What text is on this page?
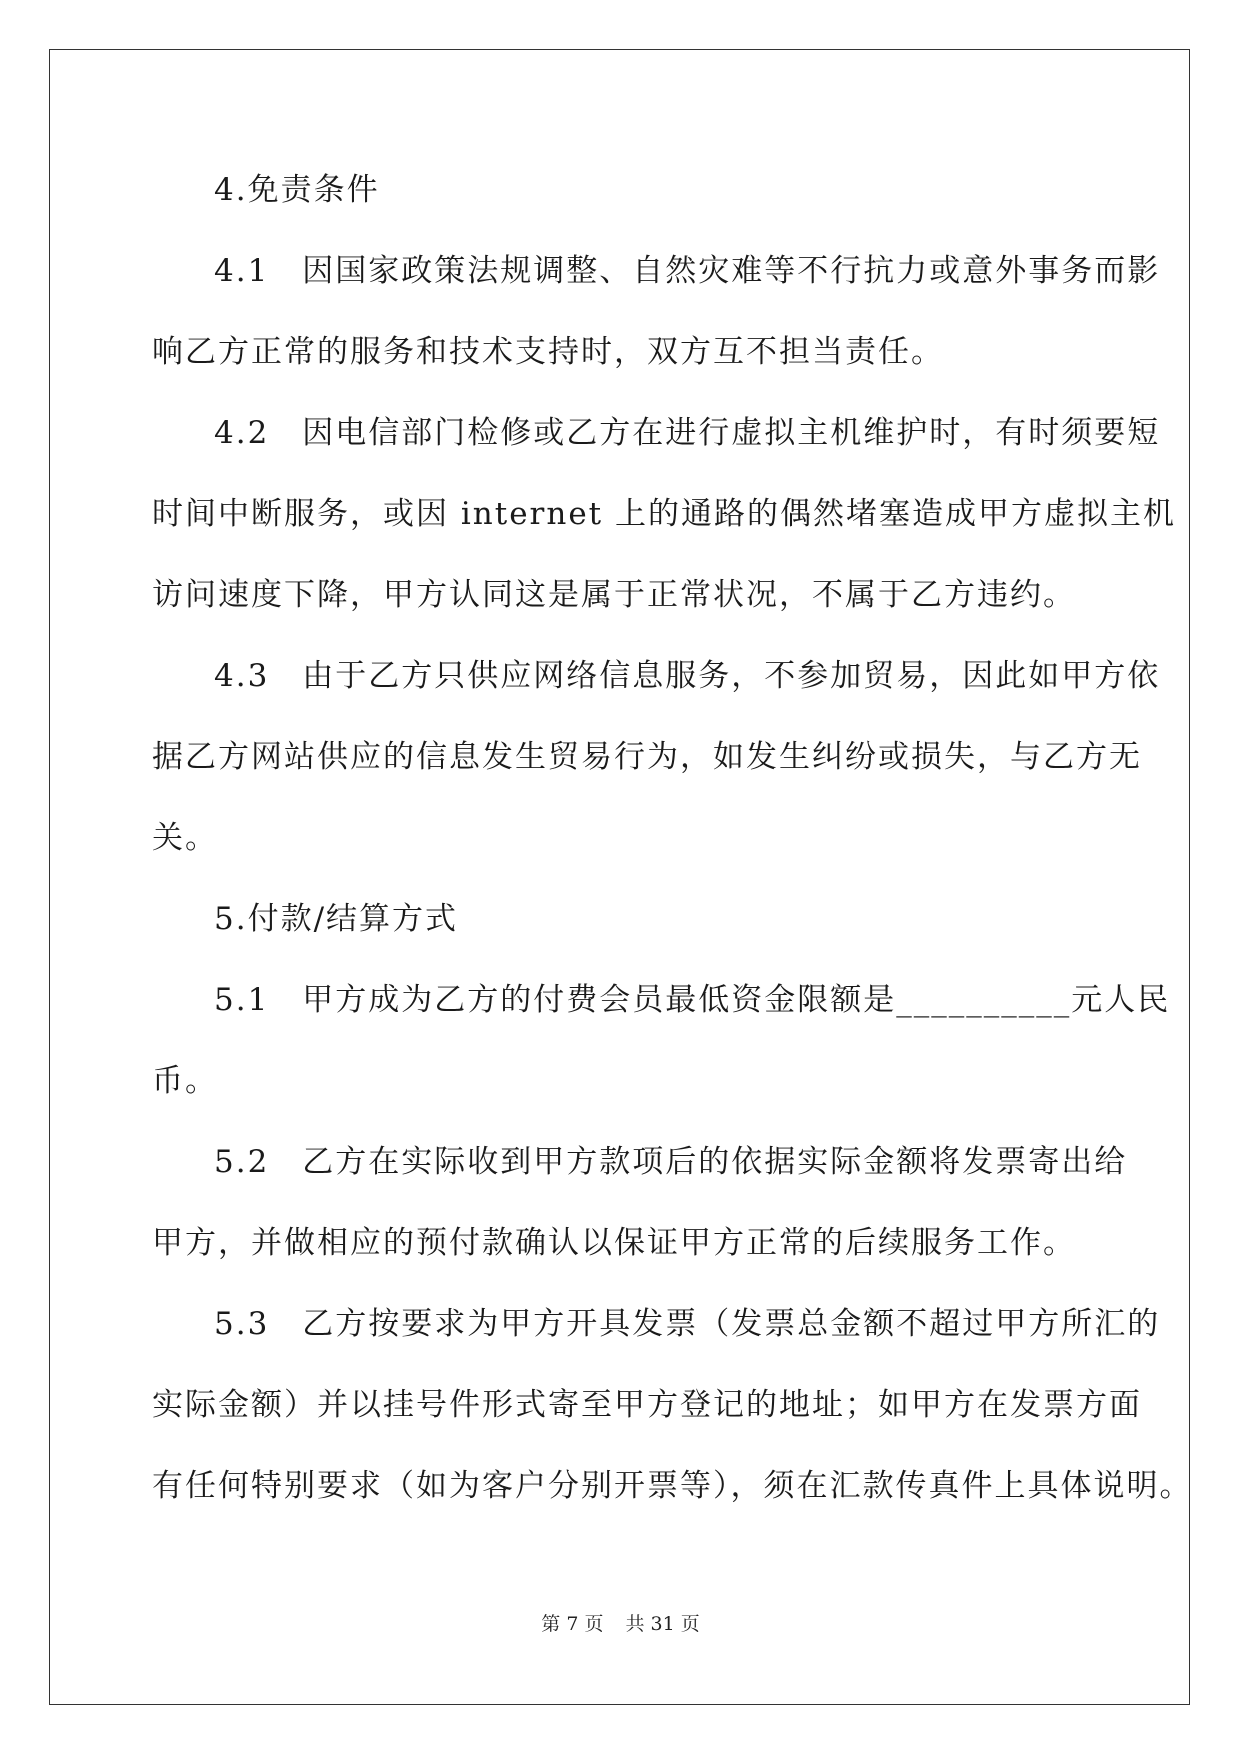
4.免责条件
4.1　因国家政策法规调整、自然灾难等不行抗力或意外事务而影
响乙方正常的服务和技术支持时，双方互不担当责任。
4.2　因电信部门检修或乙方在进行虚拟主机维护时，有时须要短
时间中断服务，或因 internet 上的通路的偶然堵塞造成甲方虚拟主机
访问速度下降，甲方认同这是属于正常状况，不属于乙方违约。
4.3　由于乙方只供应网络信息服务，不参加贸易，因此如甲方依
据乙方网站供应的信息发生贸易行为，如发生纠纷或损失，与乙方无
关。
5.付款/结算方式
5.1　甲方成为乙方的付费会员最低资金限额是__________元人民
币。
5.2　乙方在实际收到甲方款项后的依据实际金额将发票寄出给
甲方，并做相应的预付款确认以保证甲方正常的后续服务工作。
5.3　乙方按要求为甲方开具发票（发票总金额不超过甲方所汇的
实际金额）并以挂号件形式寄至甲方登记的地址；如甲方在发票方面
有任何特别要求（如为客户分别开票等），须在汇款传真件上具体说明。
第 7 页 共 31 页
